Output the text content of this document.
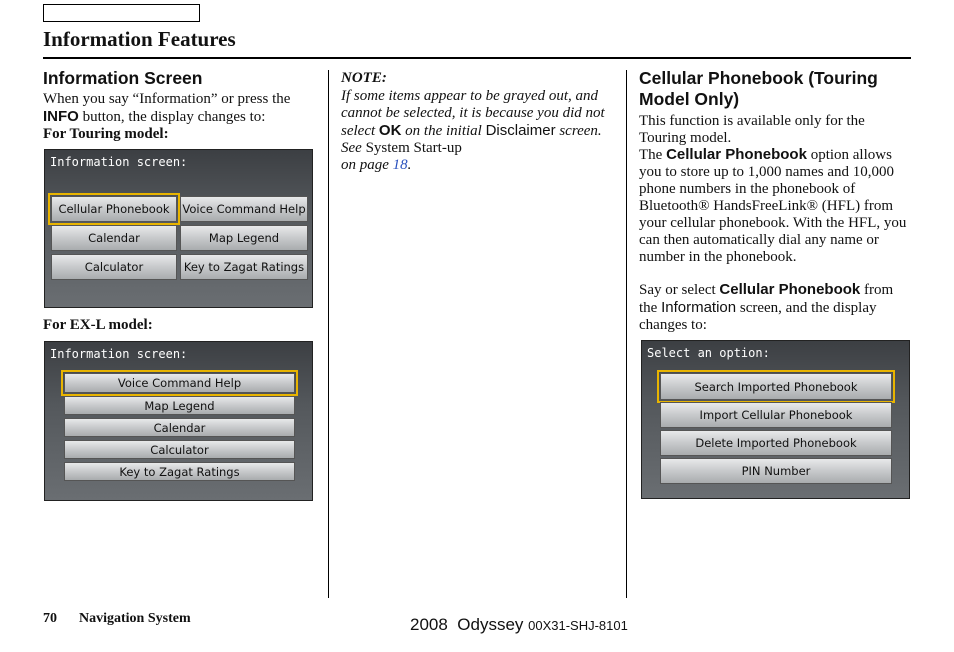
Information Features
Information Screen
When you say “Information” or press the INFO button, the display changes to:
For Touring model:
Information screen:
Cellular Phonebook	Voice Command Help
Calendar	Map Legend
Calculator	Key to Zagat Ratings
For EX-L model:
Information screen:
Voice Command Help
Map Legend
Calendar
Calculator
Key to Zagat Ratings
NOTE:
If some items appear to be grayed out, and cannot be selected, it is because you did not select OK on the initial Disclaimer screen. See System Start-up
on page 18.
Cellular Phonebook (Touring Model Only)
This function is available only for the Touring model.
The Cellular Phonebook option allows you to store up to 1,000 names and 10,000 phone numbers in the phonebook of Bluetooth® HandsFreeLink® (HFL) from your cellular phonebook. With the HFL, you can then automatically dial any name or number in the phonebook.
Say or select Cellular Phonebook from the Information screen, and the display changes to:
Select an option:
Search Imported Phonebook
Import Cellular Phonebook
Delete Imported Phonebook
PIN Number
70 Navigation System	2008  Odyssey 00X31-SHJ-8101
